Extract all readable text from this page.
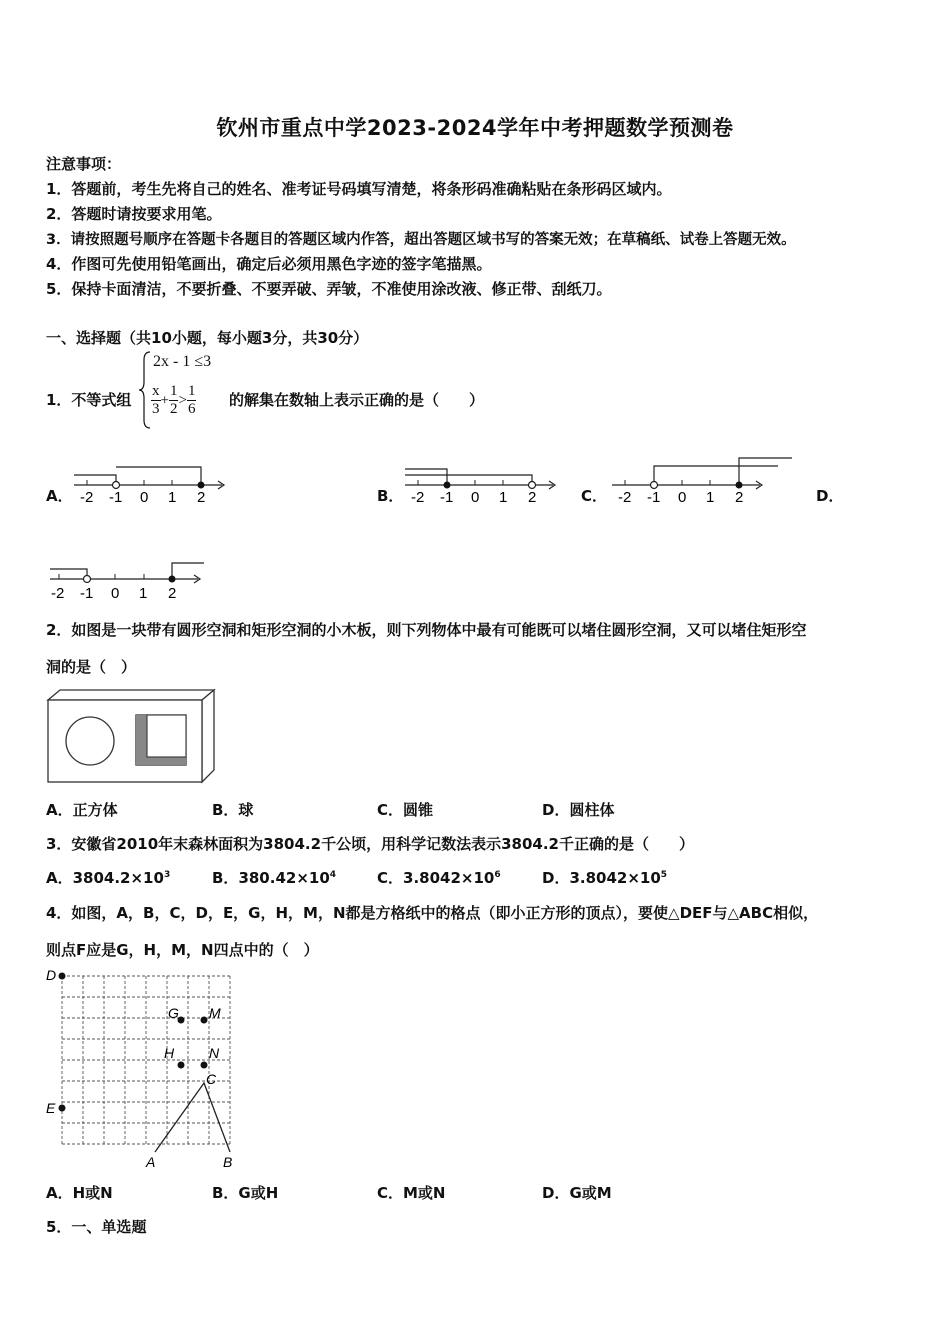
钦州市重点中学2023-2024学年中考押题数学预测卷
注意事项：
1．答题前，考生先将自己的姓名、准考证号码填写清楚，将条形码准确粘贴在条形码区域内。
2．答题时请按要求用笔。
3．请按照题号顺序在答题卡各题目的答题区域内作答，超出答题区域书写的答案无效；在草稿纸、试卷上答题无效。
4．作图可先使用铅笔画出，确定后必须用黑色字迹的签字笔描黑。
5．保持卡面清洁，不要折叠、不要弄破、弄皱，不准使用涂改液、修正带、刮纸刀。
一、选择题（共10小题，每小题3分，共30分）
1．不等式组
2x - 1 ≤3
$\frac{x}{3} + \frac{1}{2} > \frac{1}{6}$ 的解集在数轴上表示正确的是（　　）
A．	B．	C．	D．
-2 -1 0 1 2	-2 -1 0 1 2	-2 -1 0 1 2
-2 -1 0 1 2
2．如图是一块带有圆形空洞和矩形空洞的小木板，则下列物体中最有可能既可以堵住圆形空洞，又可以堵住矩形空
洞的是（　）
A．正方体	B．球	C．圆锥	D．圆柱体
3．安徽省2010年末森林面积为3804.2千公顷，用科学记数法表示3804.2千正确的是（　　）
A．$3804.2\times 10^3$	B．$380.42\times 10^4$	C．$3.8042\times 10^6$	D．$3.8042\times 10^5$
4．如图，A，B，C，D，E，G，H，M，N都是方格纸中的格点（即小正方形的顶点），要使△DEF与△ABC相似，
则点F应是G，H，M，N四点中的（　）
D
G M
H N
C
E
A	B
A．H或N	B．G或H	C．M或N	D．G或M
5．一、单选题
